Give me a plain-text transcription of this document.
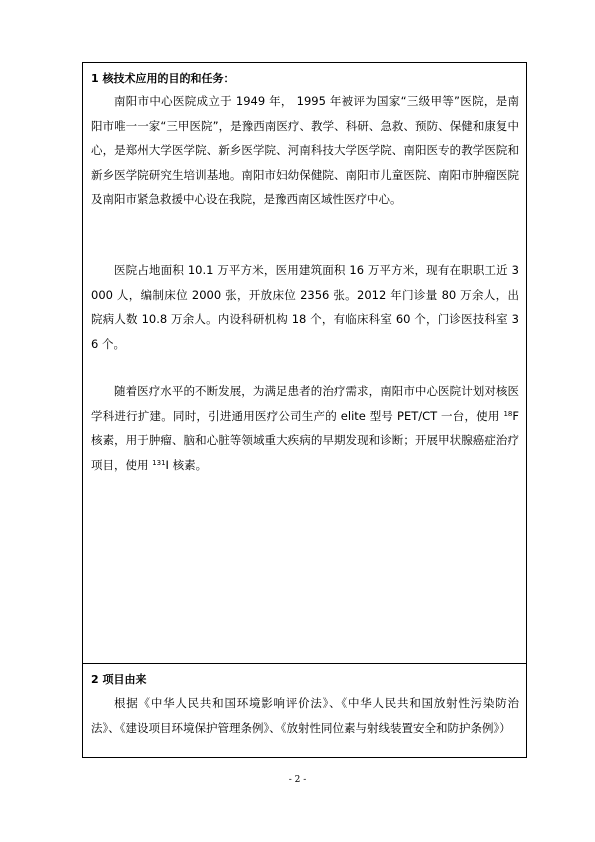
1 核技术应用的目的和任务：

南阳市中心医院成立于 1949 年， 1995 年被评为国家“三级甲等”医院，是南阳市唯一一家“三甲医院”，是豫西南医疗、教学、科研、急救、预防、保健和康复中心，是郑州大学医学院、新乡医学院、河南科技大学医学院、南阳医专的教学医院和新乡医学院研究生培训基地。南阳市妇幼保健院、南阳市儿童医院、南阳市肿瘤医院及南阳市紧急救援中心设在我院，是豫西南区域性医疗中心。

医院占地面积 10.1 万平方米，医用建筑面积 16 万平方米，现有在职职工近 3000 人，编制床位 2000 张，开放床位 2356 张。2012 年门诊量 80 万余人，出院病人数 10.8 万余人。内设科研机构 18 个，有临床科室 60 个，门诊医技科室 36 个。

随着医疗水平的不断发展，为满足患者的治疗需求，南阳市中心医院计划对核医学科进行扩建。同时，引进通用医疗公司生产的 elite 型号 PET/CT 一台，使用 $^{18}$F 核素，用于肿瘤、脑和心脏等领域重大疾病的早期发现和诊断；开展甲状腺癌症治疗项目，使用 $^{131}$I 核素。

2 项目由来

根据《中华人民共和国环境影响评价法》、《中华人民共和国放射性污染防治法》、《建设项目环境保护管理条例》、《放射性同位素与射线装置安全和防护条例》）

- 2 -
